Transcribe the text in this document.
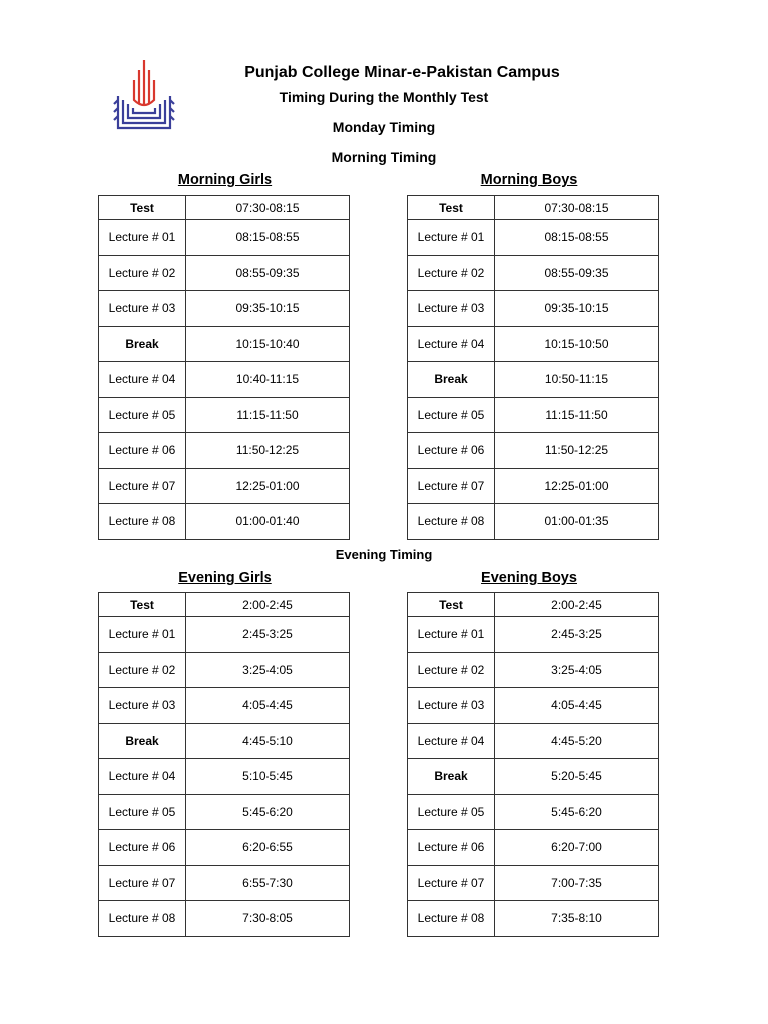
Punjab College Minar-e-Pakistan Campus
Timing During the Monthly Test
Monday Timing
Morning Timing
Evening Timing
Morning Girls
Test	07:30-08:15
Lecture # 01	08:15-08:55
Lecture # 02	08:55-09:35
Lecture # 03	09:35-10:15
Break	10:15-10:40
Lecture # 04	10:40-11:15
Lecture # 05	11:15-11:50
Lecture # 06	11:50-12:25
Lecture # 07	12:25-01:00
Lecture # 08	01:00-01:40
Morning Boys
Test	07:30-08:15
Lecture # 01	08:15-08:55
Lecture # 02	08:55-09:35
Lecture # 03	09:35-10:15
Lecture # 04	10:15-10:50
Break	10:50-11:15
Lecture # 05	11:15-11:50
Lecture # 06	11:50-12:25
Lecture # 07	12:25-01:00
Lecture # 08	01:00-01:35
Evening Girls
Test	2:00-2:45
Lecture # 01	2:45-3:25
Lecture # 02	3:25-4:05
Lecture # 03	4:05-4:45
Break	4:45-5:10
Lecture # 04	5:10-5:45
Lecture # 05	5:45-6:20
Lecture # 06	6:20-6:55
Lecture # 07	6:55-7:30
Lecture # 08	7:30-8:05
Evening Boys
Test	2:00-2:45
Lecture # 01	2:45-3:25
Lecture # 02	3:25-4:05
Lecture # 03	4:05-4:45
Lecture # 04	4:45-5:20
Break	5:20-5:45
Lecture # 05	5:45-6:20
Lecture # 06	6:20-7:00
Lecture # 07	7:00-7:35
Lecture # 08	7:35-8:10
